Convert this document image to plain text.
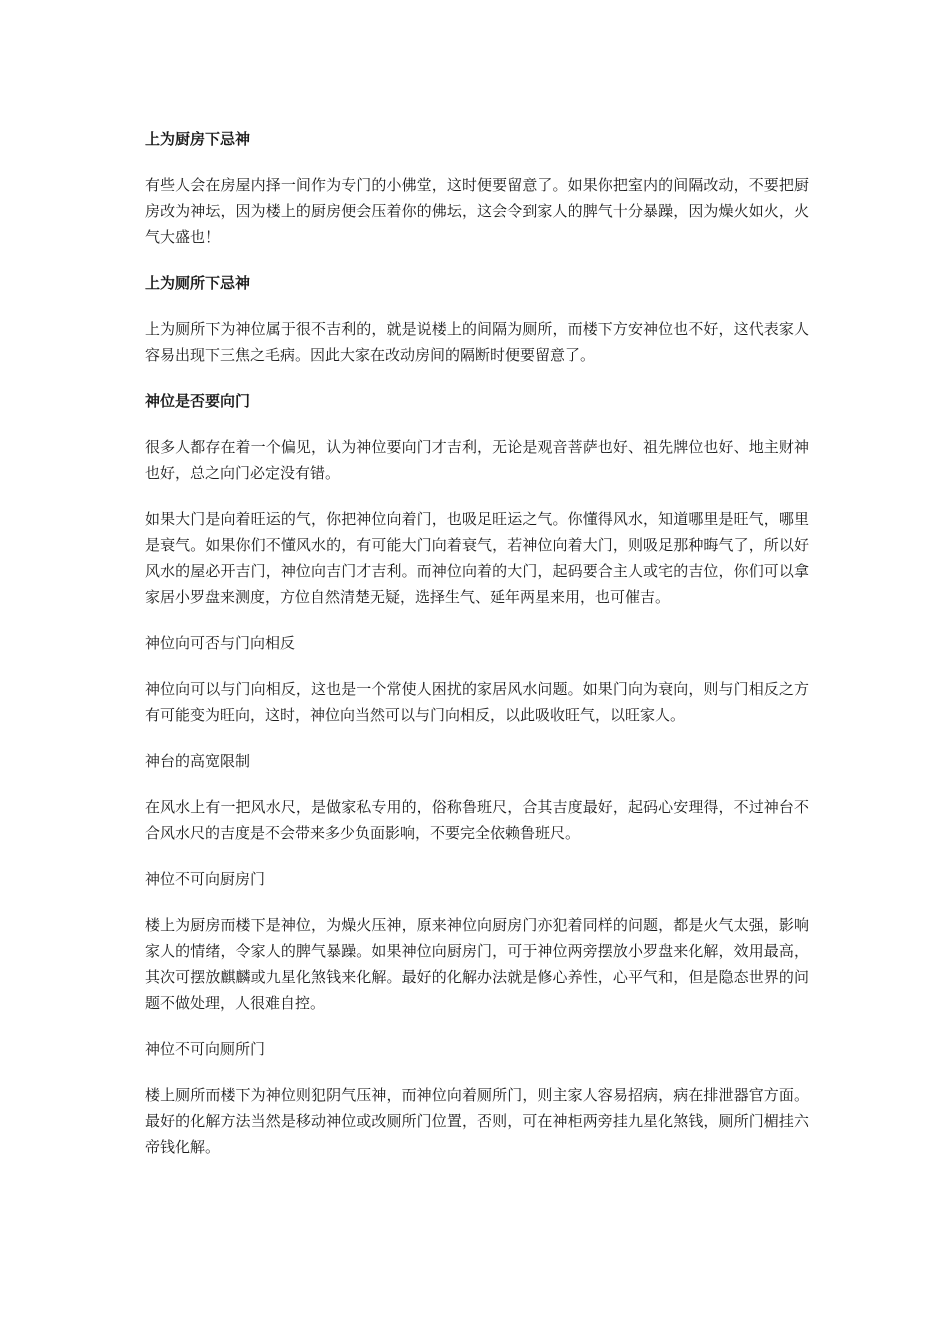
上为厨房下忌神
有些人会在房屋内择一间作为专门的小佛堂，这时便要留意了。如果你把室内的间隔改动，不要把厨房改为神坛，因为楼上的厨房便会压着你的佛坛，这会令到家人的脾气十分暴躁，因为燥火如火，火气大盛也！
上为厕所下忌神
上为厕所下为神位属于很不吉利的，就是说楼上的间隔为厕所，而楼下方安神位也不好，这代表家人容易出现下三焦之毛病。因此大家在改动房间的隔断时便要留意了。
神位是否要向门
很多人都存在着一个偏见，认为神位要向门才吉利，无论是观音菩萨也好、祖先牌位也好、地主财神也好，总之向门必定没有错。
如果大门是向着旺运的气，你把神位向着门，也吸足旺运之气。你懂得风水，知道哪里是旺气，哪里是衰气。如果你们不懂风水的，有可能大门向着衰气，若神位向着大门，则吸足那种晦气了，所以好风水的屋必开吉门，神位向吉门才吉利。而神位向着的大门，起码要合主人或宅的吉位，你们可以拿家居小罗盘来测度，方位自然清楚无疑，选择生气、延年两星来用，也可催吉。
神位向可否与门向相反
神位向可以与门向相反，这也是一个常使人困扰的家居风水问题。如果门向为衰向，则与门相反之方有可能变为旺向，这时，神位向当然可以与门向相反，以此吸收旺气，以旺家人。
神台的高宽限制
在风水上有一把风水尺，是做家私专用的，俗称鲁班尺，合其吉度最好，起码心安理得，不过神台不合风水尺的吉度是不会带来多少负面影响，不要完全依赖鲁班尺。
神位不可向厨房门
楼上为厨房而楼下是神位，为燥火压神，原来神位向厨房门亦犯着同样的问题，都是火气太强，影响家人的情绪，令家人的脾气暴躁。如果神位向厨房门，可于神位两旁摆放小罗盘来化解，效用最高，其次可摆放麒麟或九星化煞钱来化解。最好的化解办法就是修心养性，心平气和，但是隐态世界的问题不做处理，人很难自控。
神位不可向厕所门
楼上厕所而楼下为神位则犯阴气压神，而神位向着厕所门，则主家人容易招病，病在排泄器官方面。最好的化解方法当然是移动神位或改厕所门位置，否则，可在神柜两旁挂九星化煞钱，厕所门楣挂六帝钱化解。
